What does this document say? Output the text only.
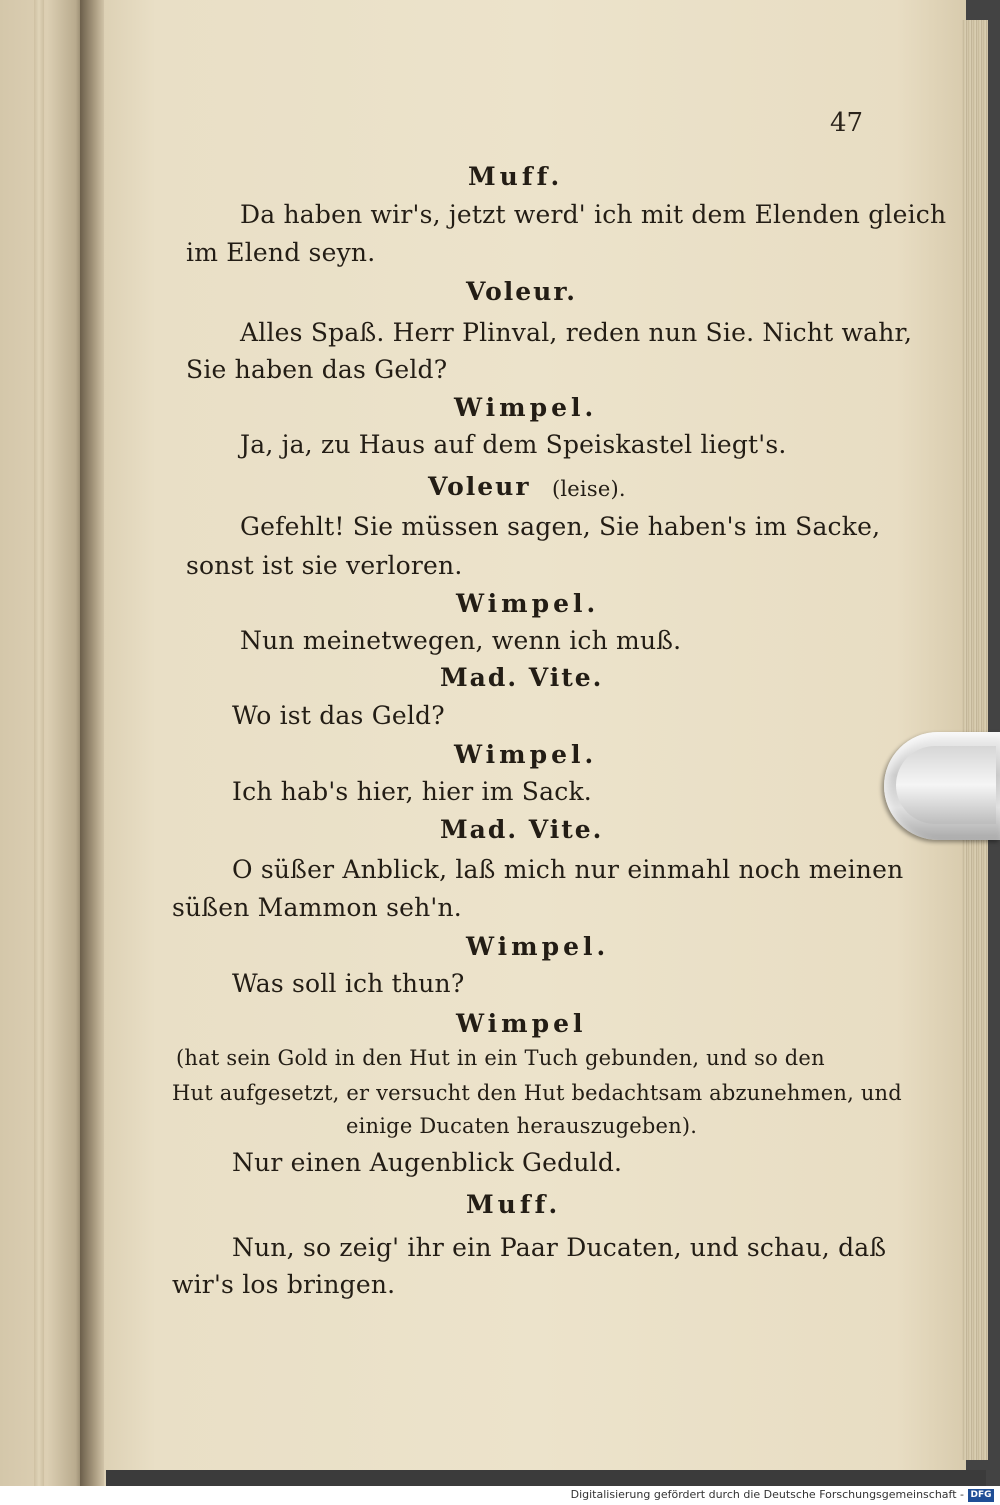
47
Muff.
Da haben wir's, jetzt werd' ich mit dem Elenden gleich
im Elend seyn.
Voleur.
Alles Spaß. Herr Plinval, reden nun Sie. Nicht wahr,
Sie haben das Geld?
Wimpel.
Ja, ja, zu Haus auf dem Speiskastel liegt's.
Voleur (leise).
Gefehlt! Sie müssen sagen, Sie haben's im Sacke,
sonst ist sie verloren.
Wimpel.
Nun meinetwegen, wenn ich muß.
Mad. Vite.
Wo ist das Geld?
Wimpel.
Ich hab's hier, hier im Sack.
Mad. Vite.
O süßer Anblick, laß mich nur einmahl noch meinen
süßen Mammon seh'n.
Wimpel.
Was soll ich thun?
Wimpel
(hat sein Gold in den Hut in ein Tuch gebunden, und so den
Hut aufgesetzt, er versucht den Hut bedachtsam abzunehmen, und
einige Ducaten herauszugeben).
Nur einen Augenblick Geduld.
Muff.
Nun, so zeig' ihr ein Paar Ducaten, und schau, daß
wir's los bringen.
Digitalisierung gefördert durch die Deutsche Forschungsgemeinschaft - DFG
